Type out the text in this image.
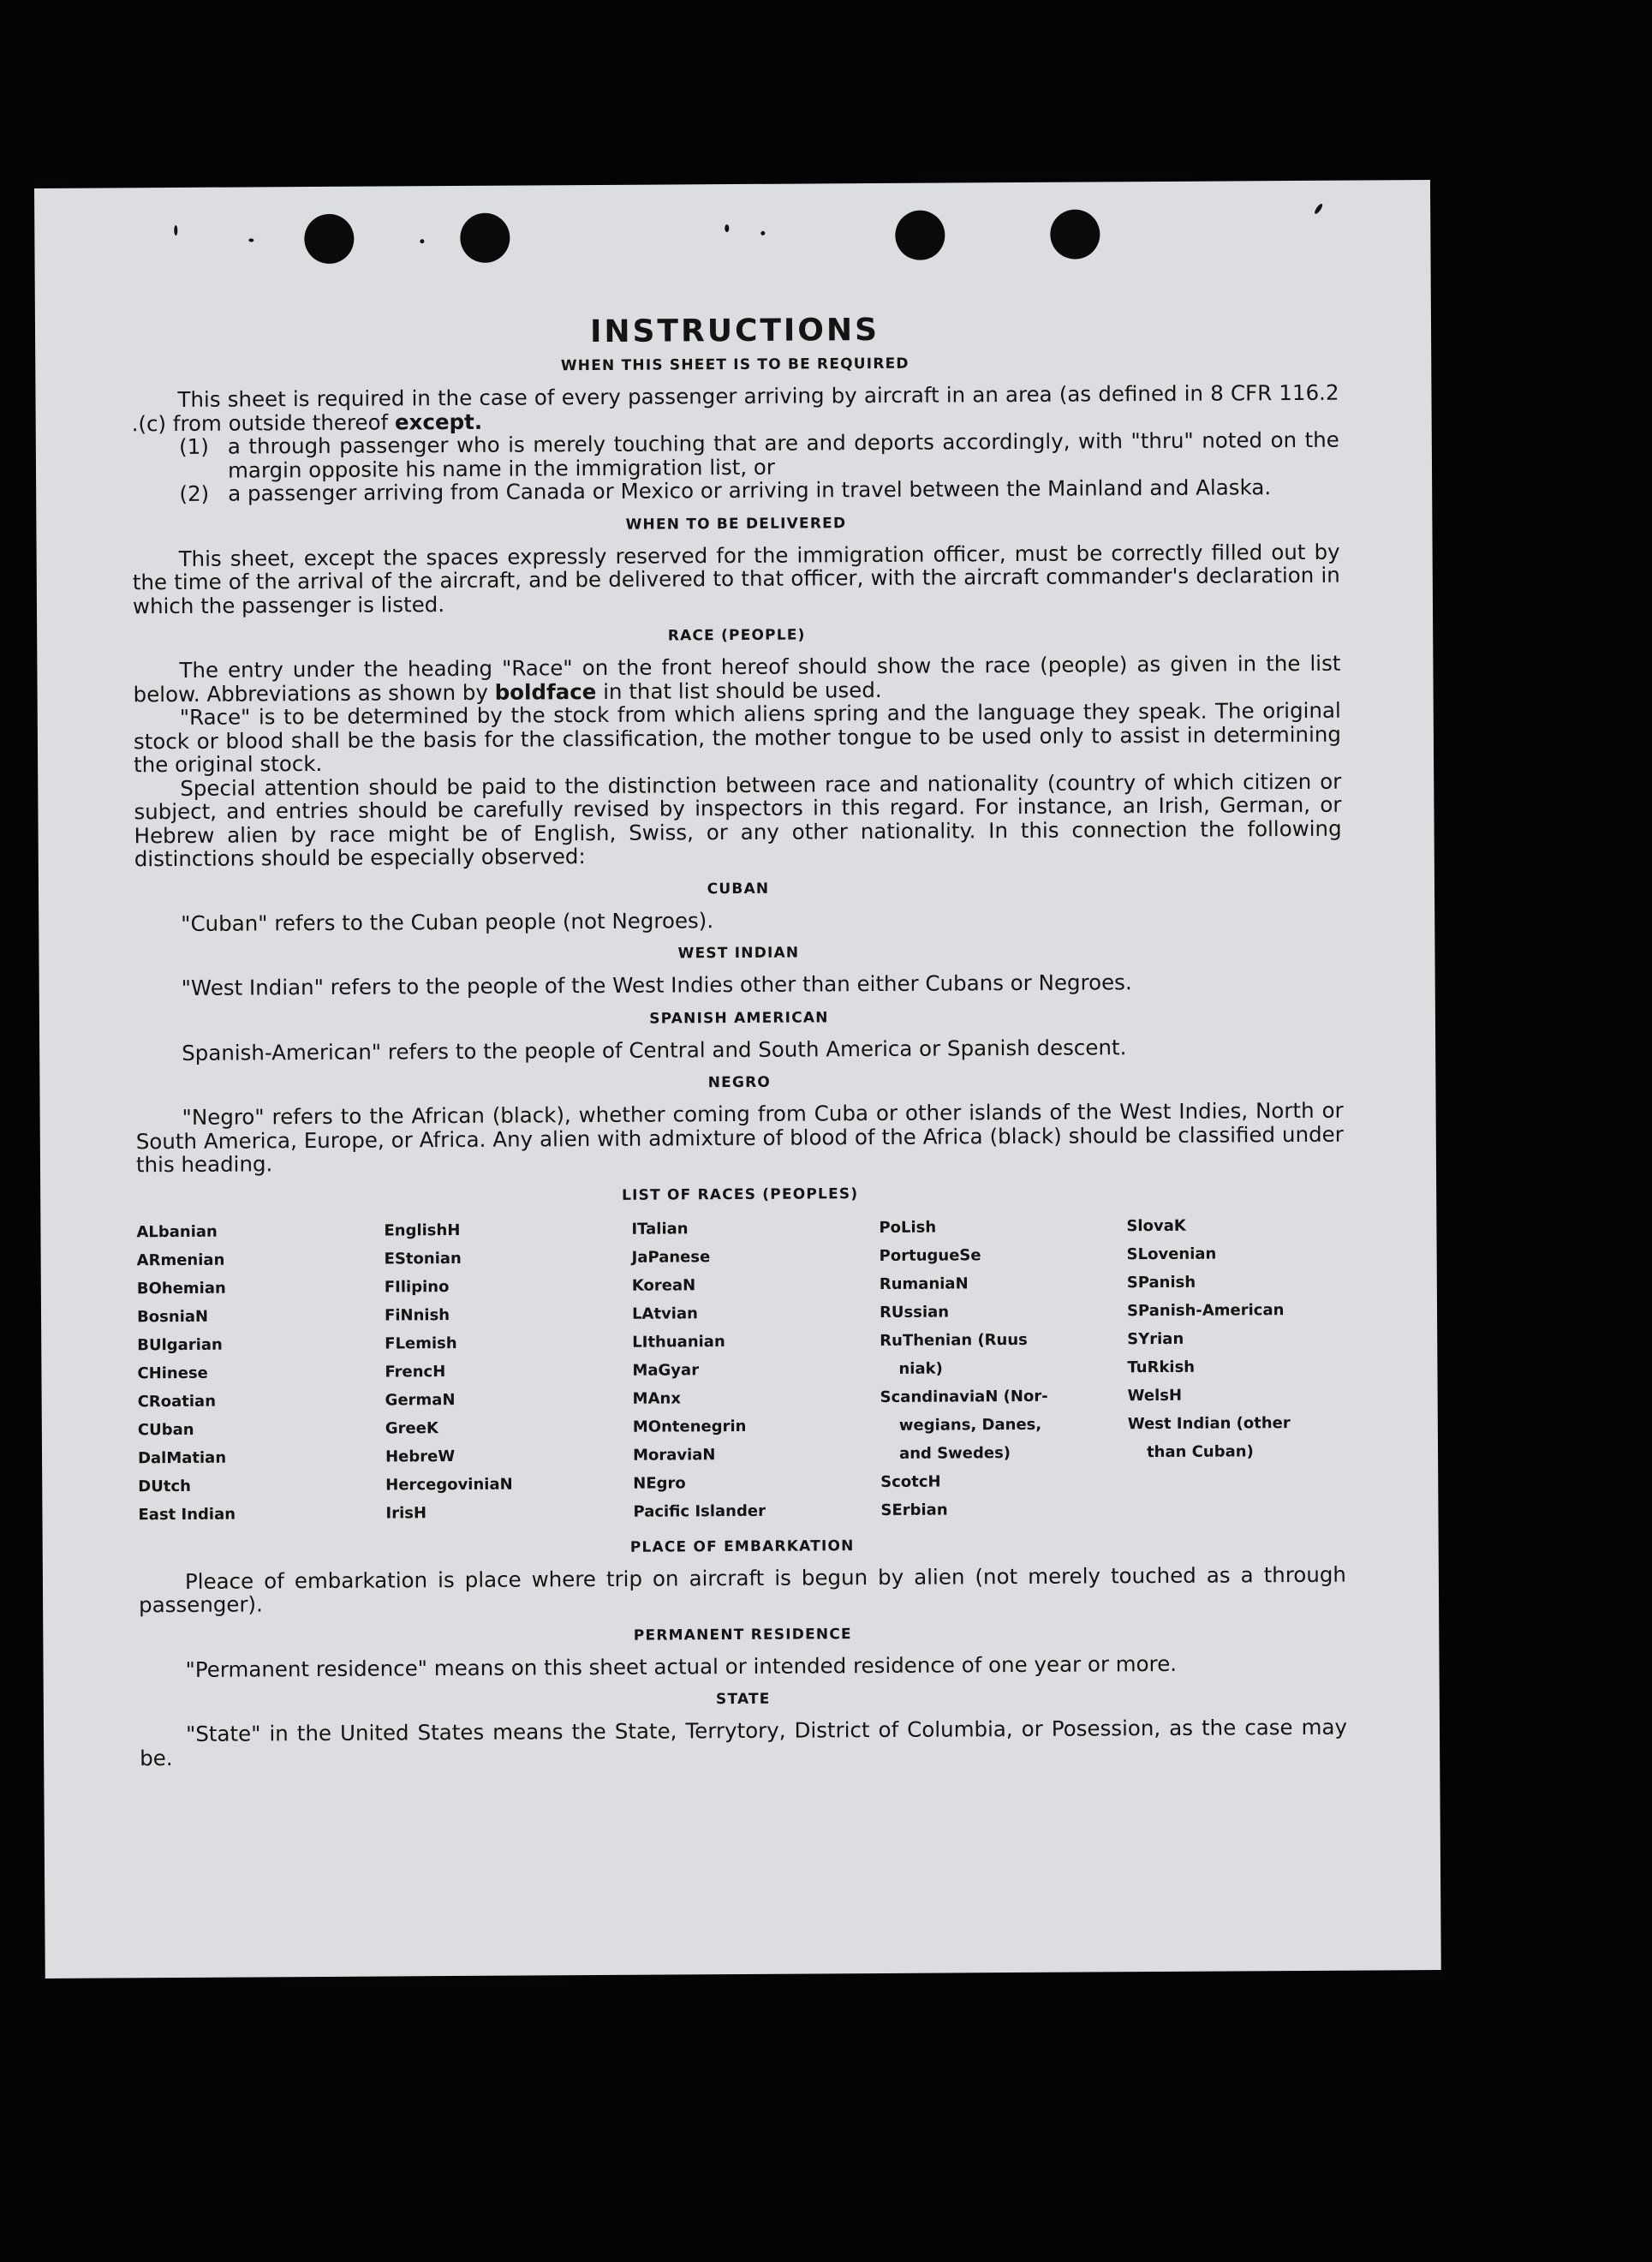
INSTRUCTIONS
WHEN THIS SHEET IS TO BE REQUIRED

This sheet is required in the case of every passenger arriving by aircraft in an area (as defined in 8 CFR 116.2 .(c) from outside thereof except.

(1) a through passenger who is merely touching that are and deports accordingly, with "thru" noted on the margin opposite his name in the immigration list, or
(2) a passenger arriving from Canada or Mexico or arriving in travel between the Mainland and Alaska.
WHEN TO BE DELIVERED

This sheet, except the spaces expressly reserved for the immigration officer, must be correctly filled out by the time of the arrival of the aircraft, and be delivered to that officer, with the aircraft commander's declaration in which the passenger is listed.

RACE (PEOPLE)

The entry under the heading "Race" on the front hereof should show the race (people) as given in the list below. Abbreviations as shown by boldface in that list should be used.

"Race" is to be determined by the stock from which aliens spring and the language they speak. The original stock or blood shall be the basis for the classification, the mother tongue to be used only to assist in determining the original stock.

Special attention should be paid to the distinction between race and nationality (country of which citizen or subject, and entries should be carefully revised by inspectors in this regard. For instance, an Irish, German, or Hebrew alien by race might be of English, Swiss, or any other nationality. In this connection the following distinctions should be especially observed:

CUBAN

"Cuban" refers to the Cuban people (not Negroes).

WEST INDIAN

"West Indian" refers to the people of the West Indies other than either Cubans or Negroes.

SPANISH AMERICAN

Spanish-American" refers to the people of Central and South America or Spanish descent.

NEGRO

"Negro" refers to the African (black), whether coming from Cuba or other islands of the West Indies, North or South America, Europe, or Africa. Any alien with admixture of blood of the Africa (black) should be classified under this heading.

LIST OF RACES (PEOPLES)
ALbanian
ARmenian
BOhemian
BosniaN
BUlgarian
CHinese
CRoatian
CUban
DalMatian
DUtch
East Indian
EnglishH
EStonian
FIlipino
FiNnish
FLemish
FrencH
GermaN
GreeK
HebreW
HercegoviniaN
IrisH
ITalian
JaPanese
KoreaN
LAtvian
LIthuanian
MaGyar
MAnx
MOntenegrin
MoraviaN
NEgro
Pacific Islander
PoLish
PortugueSe
RumaniaN
RUssian
RuThenian (Ruus
niak)
ScandinaviaN (Nor-
wegians, Danes,
and Swedes)
ScotcH
SErbian
SlovaK
SLovenian
SPanish
SPanish-American
SYrian
TuRkish
WelsH
West Indian (other
than Cuban)
PLACE OF EMBARKATION

Pleace of embarkation is place where trip on aircraft is begun by alien (not merely touched as a through passenger).

PERMANENT RESIDENCE

"Permanent residence" means on this sheet actual or intended residence of one year or more.

STATE

"State" in the United States means the State, Terrytory, District of Columbia, or Posession, as the case may be.
